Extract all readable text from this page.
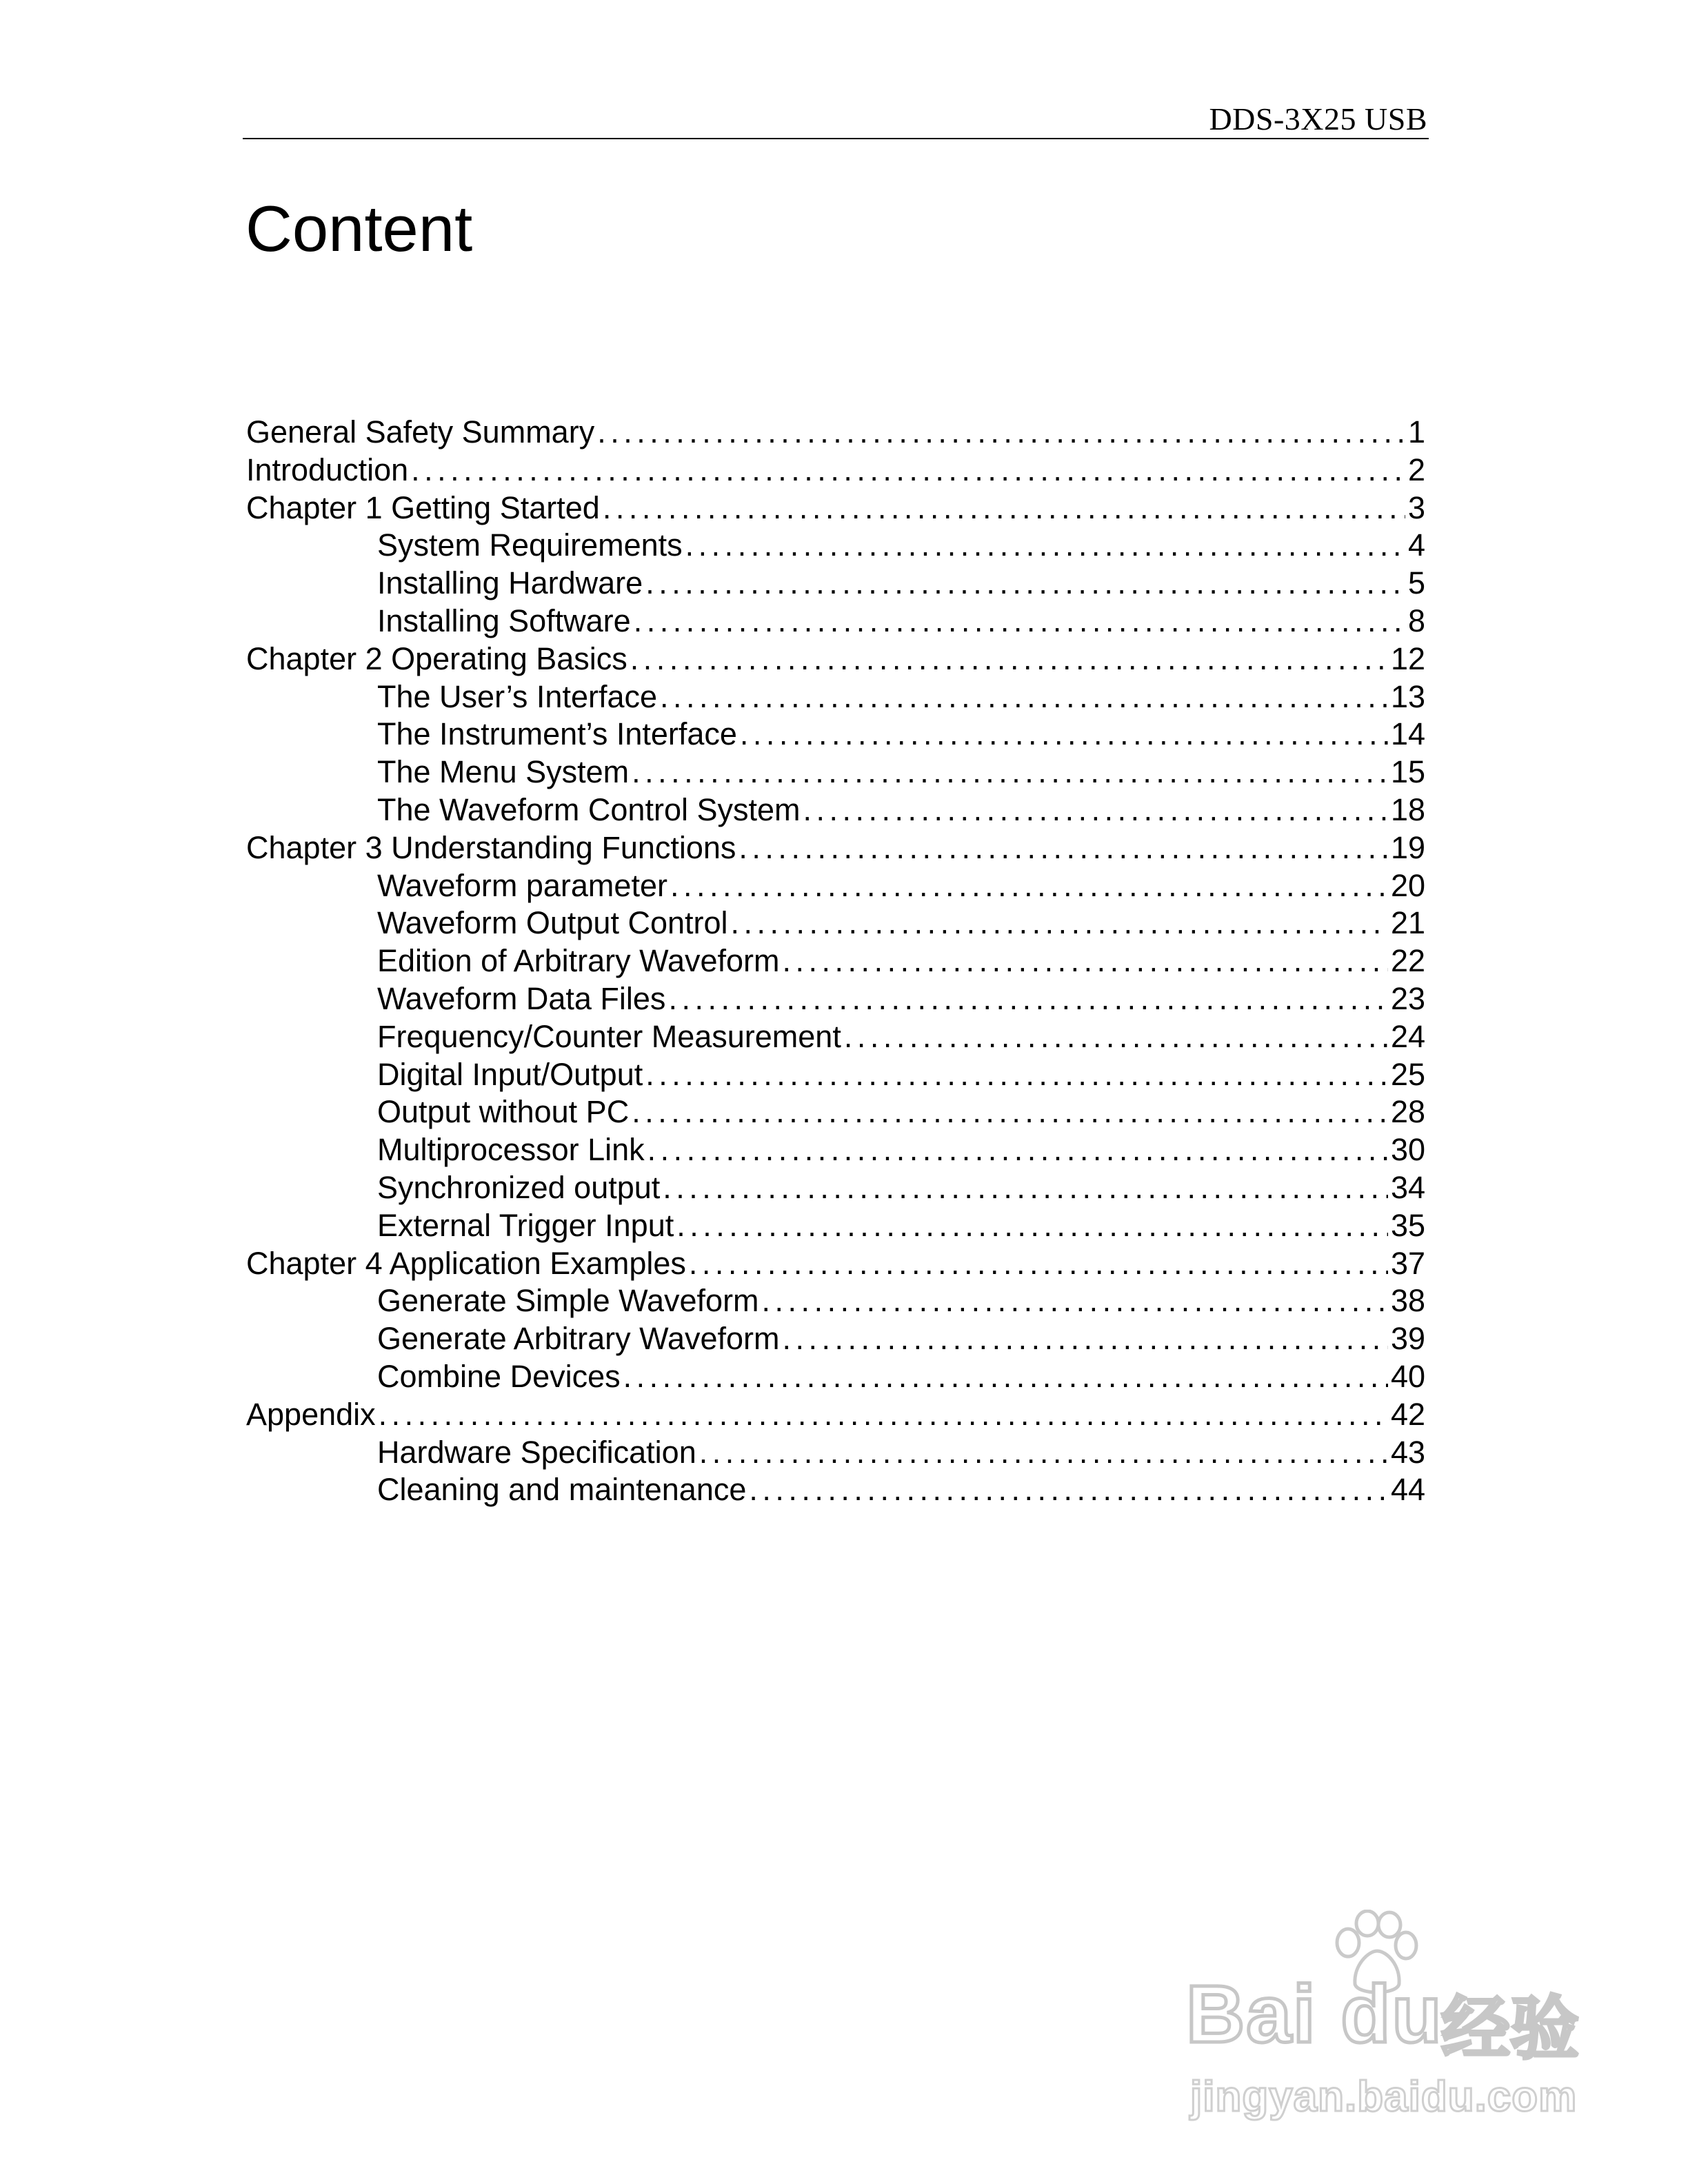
DDS-3X25 USB
Content
General Safety Summary . . .	1
Introduction . . .	2
Chapter 1 Getting Started . . .	3
System Requirements . . .	4
Installing Hardware . . .	5
Installing Software . . .	8
Chapter 2 Operating Basics . . .	12
The User’s Interface . . .	13
The Instrument’s Interface . . .	14
The Menu System . . .	15
The Waveform Control System . . .	18
Chapter 3 Understanding Functions . . .	19
Waveform parameter . . .	20
Waveform Output Control . . .	21
Edition of Arbitrary Waveform . . .	22
Waveform Data Files . . .	23
Frequency/Counter Measurement . . .	24
Digital Input/Output . . .	25
Output without PC . . .	28
Multiprocessor Link . . .	30
Synchronized output . . .	34
External Trigger Input . . .	35
Chapter 4 Application Examples . . .	37
Generate Simple Waveform . . .	38
Generate Arbitrary Waveform . . .	39
Combine Devices . . .	40
Appendix . . .	42
Hardware Specification . . .	43
Cleaning and maintenance . . .	44
Bai du
经验
jingyan.baidu.com
